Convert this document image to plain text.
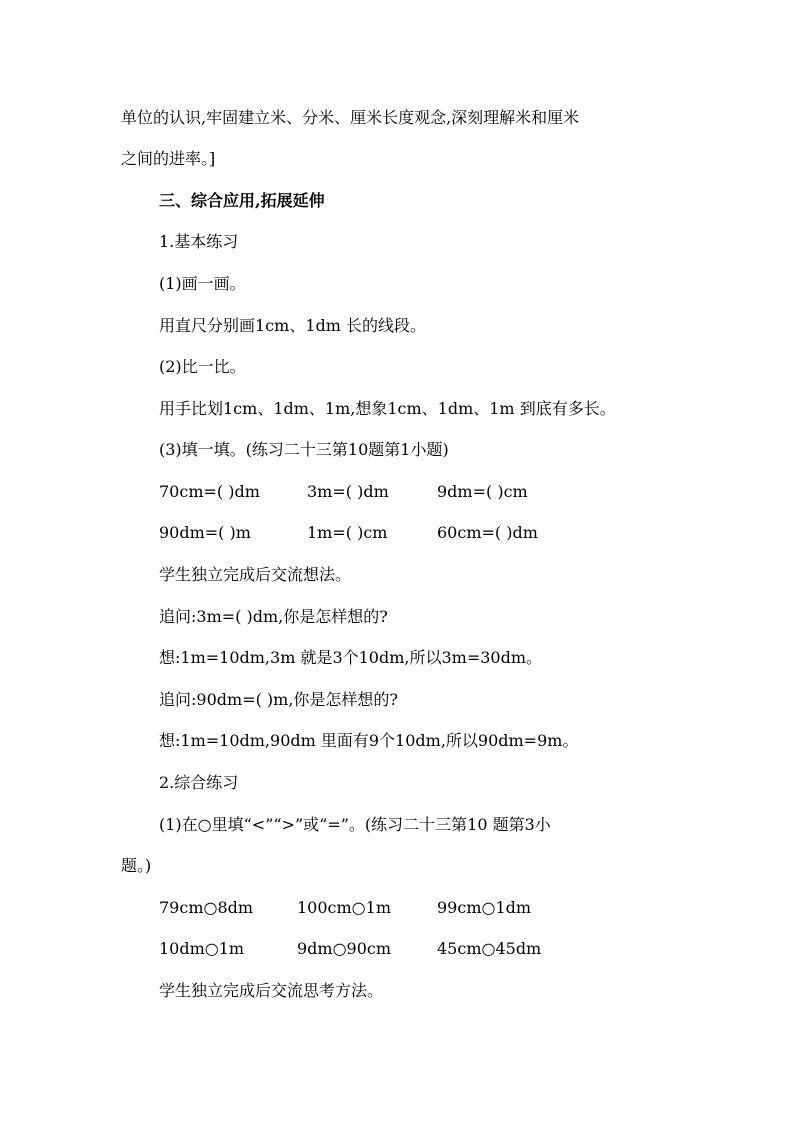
单位的认识,牢固建立米、分米、厘米长度观念,深刻理解米和厘米
之间的进率。]
三、综合应用,拓展延伸
1.基本练习
(1)画一画。
用直尺分别画1cm、1dm 长的线段。
(2)比一比。
用手比划1cm、1dm、1m,想象1cm、1dm、1m 到底有多长。
(3)填一填。(练习二十三第10题第1小题)
70cm=( )dm	3m=( )dm	9dm=( )cm
90dm=( )m	1m=( )cm	60cm=( )dm
学生独立完成后交流想法。
追问:3m=( )dm,你是怎样想的?
想:1m=10dm,3m 就是3个10dm,所以3m=30dm。
追问:90dm=( )m,你是怎样想的?
想:1m=10dm,90dm 里面有9个10dm,所以90dm=9m。
2.综合练习
(1)在○里填“<”“>”或“=”。(练习二十三第10 题第3小
题。)
79cm○8dm	100cm○1m	99cm○1dm
10dm○1m	9dm○90cm	45cm○45dm
学生独立完成后交流思考方法。
